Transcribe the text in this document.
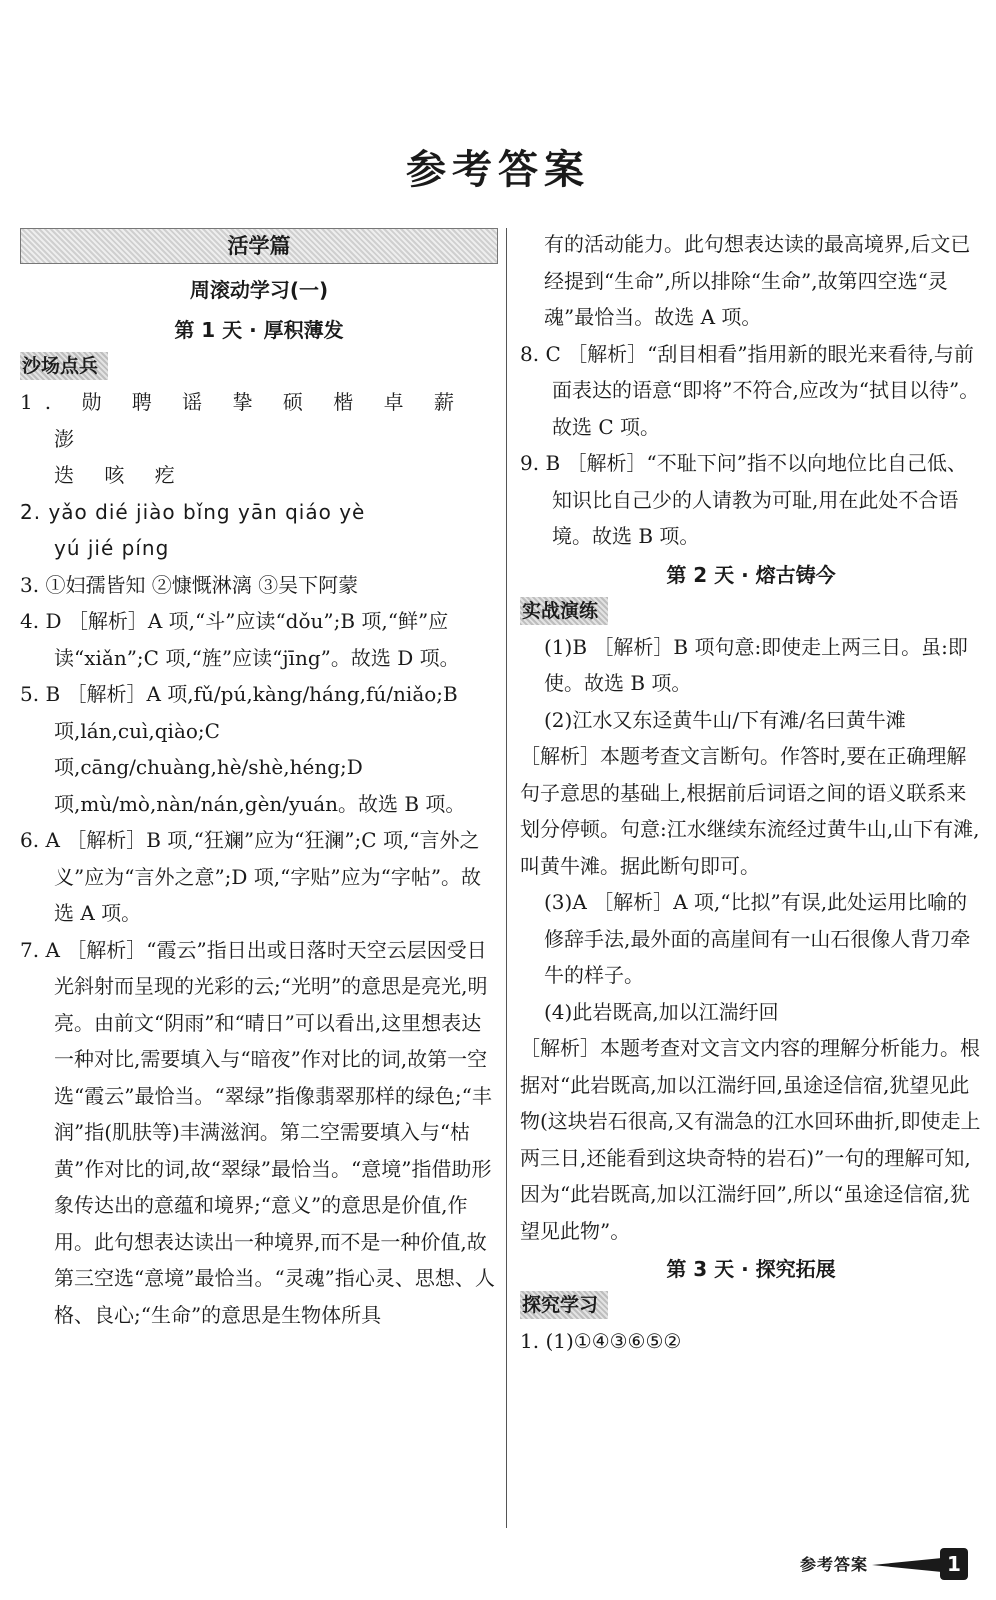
参考答案
活学篇
周滚动学习(一)
第 1 天 · 厚积薄发
沙场点兵
1. 勋 聘 谣 挚 硕 楷 卓 薪 澎
迭 咳 疙
2. yǎo dié jiào bǐng yān qiáo yè
yú jié píng
3. ①妇孺皆知 ②慷慨淋漓 ③吴下阿蒙
4. D ［解析］A 项,“斗”应读“dǒu”;B 项,“鲜”应读“xiǎn”;C 项,“旌”应读“jīng”。故选 D 项。
5. B ［解析］A 项,fǔ/pú,kàng/háng,fú/niǎo;B 项,lán,cuì,qiào;C 项,cāng/chuàng,hè/shè,héng;D 项,mù/mò,nàn/nán,gèn/yuán。故选 B 项。
6. A ［解析］B 项,“狂斓”应为“狂澜”;C 项,“言外之义”应为“言外之意”;D 项,“字贴”应为“字帖”。故选 A 项。
7. A ［解析］“霞云”指日出或日落时天空云层因受日光斜射而呈现的光彩的云;“光明”的意思是亮光,明亮。由前文“阴雨”和“晴日”可以看出,这里想表达一种对比,需要填入与“暗夜”作对比的词,故第一空选“霞云”最恰当。“翠绿”指像翡翠那样的绿色;“丰润”指(肌肤等)丰满滋润。第二空需要填入与“枯黄”作对比的词,故“翠绿”最恰当。“意境”指借助形象传达出的意蕴和境界;“意义”的意思是价值,作用。此句想表达读出一种境界,而不是一种价值,故第三空选“意境”最恰当。“灵魂”指心灵、思想、人格、良心;“生命”的意思是生物体所具
有的活动能力。此句想表达读的最高境界,后文已经提到“生命”,所以排除“生命”,故第四空选“灵魂”最恰当。故选 A 项。
8. C ［解析］“刮目相看”指用新的眼光来看待,与前面表达的语意“即将”不符合,应改为“拭目以待”。故选 C 项。
9. B ［解析］“不耻下问”指不以向地位比自己低、知识比自己少的人请教为可耻,用在此处不合语境。故选 B 项。
第 2 天 · 熔古铸今
实战演练
(1)B ［解析］B 项句意:即使走上两三日。虽:即使。故选 B 项。
(2)江水又东迳黄牛山/下有滩/名曰黄牛滩
［解析］本题考查文言断句。作答时,要在正确理解句子意思的基础上,根据前后词语之间的语义联系来划分停顿。句意:江水继续东流经过黄牛山,山下有滩,叫黄牛滩。据此断句即可。
(3)A ［解析］A 项,“比拟”有误,此处运用比喻的修辞手法,最外面的高崖间有一山石很像人背刀牵牛的样子。
(4)此岩既高,加以江湍纡回
［解析］本题考查对文言文内容的理解分析能力。根据对“此岩既高,加以江湍纡回,虽途迳信宿,犹望见此物(这块岩石很高,又有湍急的江水回环曲折,即使走上两三日,还能看到这块奇特的岩石)”一句的理解可知,因为“此岩既高,加以江湍纡回”,所以“虽途迳信宿,犹望见此物”。
第 3 天 · 探究拓展
探究学习
1. (1)①④③⑥⑤②
参考答案	1
